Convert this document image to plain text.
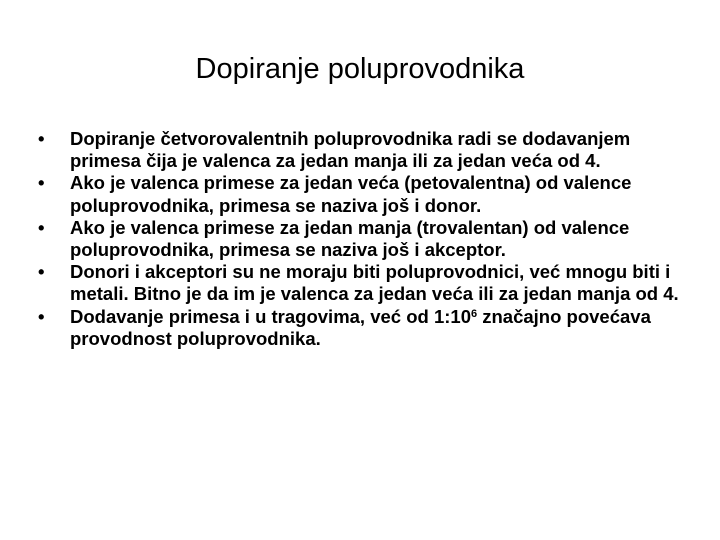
Dopiranje poluprovodnika
•	Dopiranje četvorovalentnih poluprovodnika radi se dodavanjem primesa čija je valenca za jedan manja ili za jedan veća od 4.
•	Ako je valenca primese za jedan veća (petovalentna) od valence poluprovodnika, primesa se naziva još i donor.
•	Ako je valenca primese za jedan manja (trovalentan) od valence poluprovodnika, primesa se naziva još i akceptor.
•	Donori i akceptori su ne moraju biti poluprovodnici, već mnogu biti i metali. Bitno je da im je valenca za jedan veća ili za jedan manja od 4.
•	Dodavanje primesa i u tragovima, već od $1:10^6$ značajno povećava provodnost poluprovodnika.
